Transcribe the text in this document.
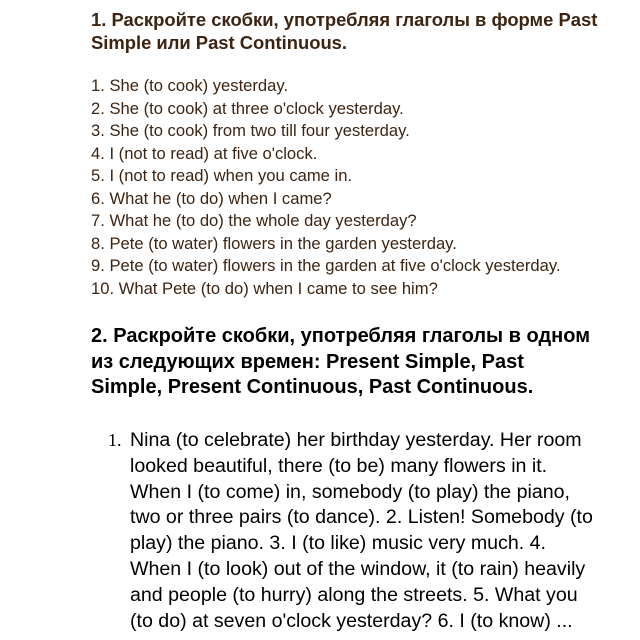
1. Раскройте скобки, употребляя глаголы в форме Past Simple или Past Continuous.
1. She (to cook) yesterday.
2. She (to cook) at three o'clock yesterday.
3. She (to cook) from two till four yesterday.
4. I (not to read) at five o'clock.
5. I (not to read) when you came in.
6. What he (to do) when I came?
7. What he (to do) the whole day yesterday?
8. Pete (to water) flowers in the garden yesterday.
9. Pete (to water) flowers in the garden at five o'clock yesterday.
10. What Pete (to do) when I came to see him?
2. Раскройте скобки, употребляя глаголы в одном из следующих времен: Present Simple, Past Simple, Present Continuous, Past Continuous.
1. Nina (to celebrate) her birthday yesterday. Her room looked beautiful, there (to be) many flowers in it. When I (to come) in, somebody (to play) the piano, two or three pairs (to dance). 2. Listen! Somebody (to play) the piano. 3. I (to like) music very much. 4. When I (to look) out of the window, it (to rain) heavily and people (to hurry) along the streets. 5. What you (to do) at seven o'clock yesterday? 6. I (to know) ...
